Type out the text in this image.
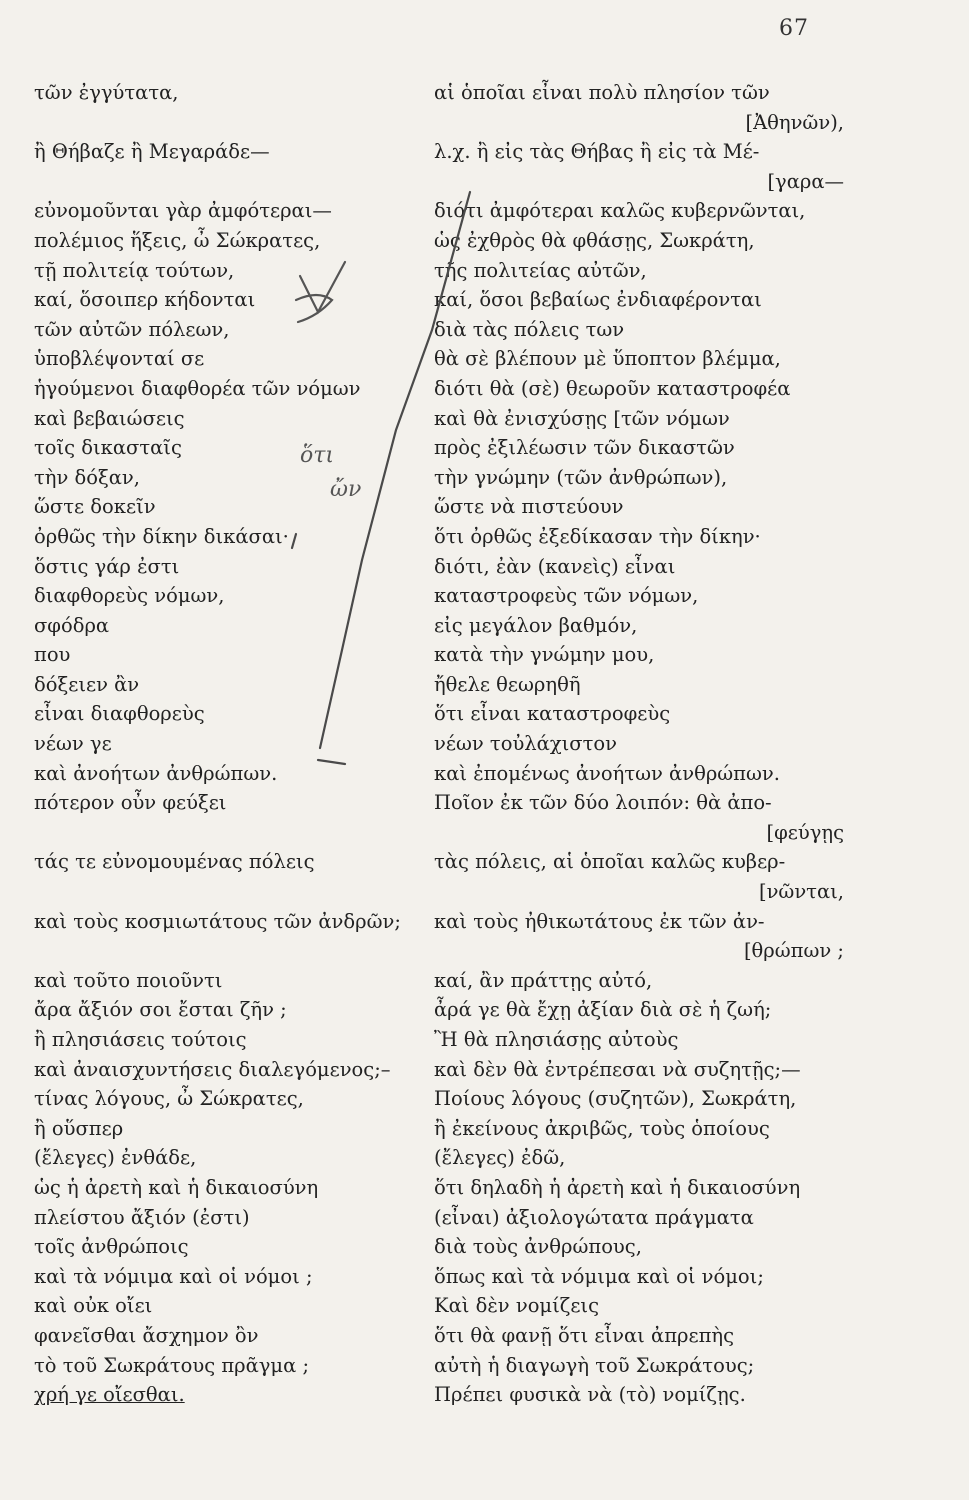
67
τῶν ἐγγύτατα,
ἢ Θήβαζε ἢ Μεγαράδε—
εὐνομοῦνται γὰρ ἀμφότεραι—
πολέμιος ἥξεις, ὦ Σώκρατες,
τῇ πολιτείᾳ τούτων,
καί, ὅσοιπερ κήδονται
τῶν αὐτῶν πόλεων,
ὑποβλέψονταί σε
ἡγούμενοι διαφθορέα τῶν νόμων
καὶ βεβαιώσεις
τοῖς δικασταῖς
τὴν δόξαν,
ὥστε δοκεῖν
ὀρθῶς τὴν δίκην δικάσαι·
ὅστις γάρ ἐστι
διαφθορεὺς νόμων,
σφόδρα
που
δόξειεν ἂν
εἶναι διαφθορεὺς
νέων γε
καὶ ἀνοήτων ἀνθρώπων.
πότερον οὖν φεύξει
τάς τε εὐνομουμένας πόλεις
καὶ τοὺς κοσμιωτάτους τῶν ἀνδρῶν;
καὶ τοῦτο ποιοῦντι
ἄρα ἄξιόν σοι ἔσται ζῆν ;
ἢ πλησιάσεις τούτοις
καὶ ἀναισχυντήσεις διαλεγόμενος;–
τίνας λόγους, ὦ Σώκρατες,
ἢ οὕσπερ
(ἔλεγες) ἐνθάδε,
ὡς ἡ ἀρετὴ καὶ ἡ δικαιοσύνη
πλείστου ἄξιόν (ἐστι)
τοῖς ἀνθρώποις
καὶ τὰ νόμιμα καὶ οἱ νόμοι ;
καὶ οὐκ οἴει
φανεῖσθαι ἄσχημον ὂν
τὸ τοῦ Σωκράτους πρᾶγμα ;
χρή γε οἴεσθαι.
αἱ ὁποῖαι εἶναι πολὺ πλησίον τῶν
[Ἀθηνῶν),
λ.χ. ἢ εἰς τὰς Θήβας ἢ εἰς τὰ Μέ-
[γαρα—
διότι ἀμφότεραι καλῶς κυβερνῶνται,
ὡς ἐχθρὸς θὰ φθάσῃς, Σωκράτη,
τῆς πολιτείας αὐτῶν,
καί, ὅσοι βεβαίως ἐνδιαφέρονται
διὰ τὰς πόλεις των
θὰ σὲ βλέπουν μὲ ὕποπτον βλέμμα,
διότι θὰ (σὲ) θεωροῦν καταστροφέα
καὶ θὰ ἐνισχύσῃς [τῶν νόμων
πρὸς ἐξιλέωσιν τῶν δικαστῶν
τὴν γνώμην (τῶν ἀνθρώπων),
ὥστε νὰ πιστεύουν
ὅτι ὀρθῶς ἐξεδίκασαν τὴν δίκην·
διότι, ἐὰν (κανεὶς) εἶναι
καταστροφεὺς τῶν νόμων,
εἰς μεγάλον βαθμόν,
κατὰ τὴν γνώμην μου,
ἤθελε θεωρηθῆ
ὅτι εἶναι καταστροφεὺς
νέων τοὐλάχιστον
καὶ ἐπομένως ἀνοήτων ἀνθρώπων.
Ποῖον ἐκ τῶν δύο λοιπόν: θὰ ἀπο-
[φεύγῃς
τὰς πόλεις, αἱ ὁποῖαι καλῶς κυβερ-
[νῶνται,
καὶ τοὺς ἠθικωτάτους ἐκ τῶν ἀν-
[θρώπων ;
καί, ἂν πράττῃς αὐτό,
ἆρά γε θὰ ἔχῃ ἀξίαν διὰ σὲ ἡ ζωή;
Ἢ θὰ πλησιάσῃς αὐτοὺς
καὶ δὲν θὰ ἐντρέπεσαι νὰ συζητῇς;—
Ποίους λόγους (συζητῶν), Σωκράτη,
ἢ ἐκείνους ἀκριβῶς, τοὺς ὁποίους
(ἔλεγες) ἐδῶ,
ὅτι δηλαδὴ ἡ ἀρετὴ καὶ ἡ δικαιοσύνη
(εἶναι) ἀξιολογώτατα πράγματα
διὰ τοὺς ἀνθρώπους,
ὅπως καὶ τὰ νόμιμα καὶ οἱ νόμοι;
Καὶ δὲν νομίζεις
ὅτι θὰ φανῇ ὅτι εἶναι ἀπρεπὴς
αὐτὴ ἡ διαγωγὴ τοῦ Σωκράτους;
Πρέπει φυσικὰ νὰ (τὸ) νομίζῃς.
ὅτι
ὤν
